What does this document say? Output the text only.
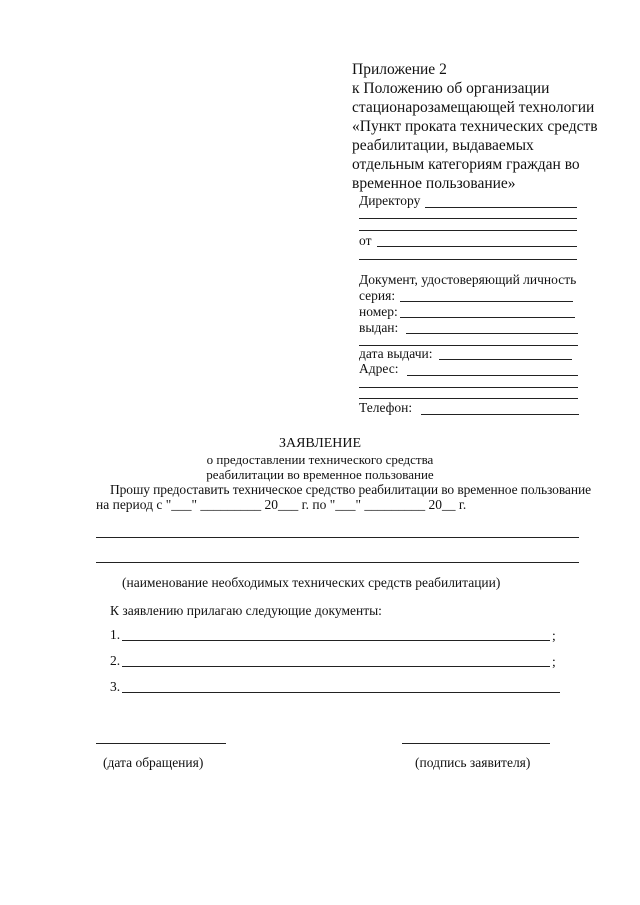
Приложение 2
к Положению об организации
стационарозамещающей технологии
«Пункт проката технических средств
реабилитации, выдаваемых
отдельным категориям граждан во
временное пользование»
Директору
от
Документ, удостоверяющий личность
серия:
номер:
выдан:
дата выдачи:
Адрес:
Телефон:
ЗАЯВЛЕНИЕ
о предоставлении технического средства
реабилитации во временное пользование
Прошу предоставить техническое средство реабилитации во временное пользование
на период с "___" _________ 20___ г. по "___" _________ 20__ г.
(наименование необходимых технических средств реабилитации)
К заявлению прилагаю следующие документы:
1.	;
2.	;
3.
(дата обращения)	(подпись заявителя)
